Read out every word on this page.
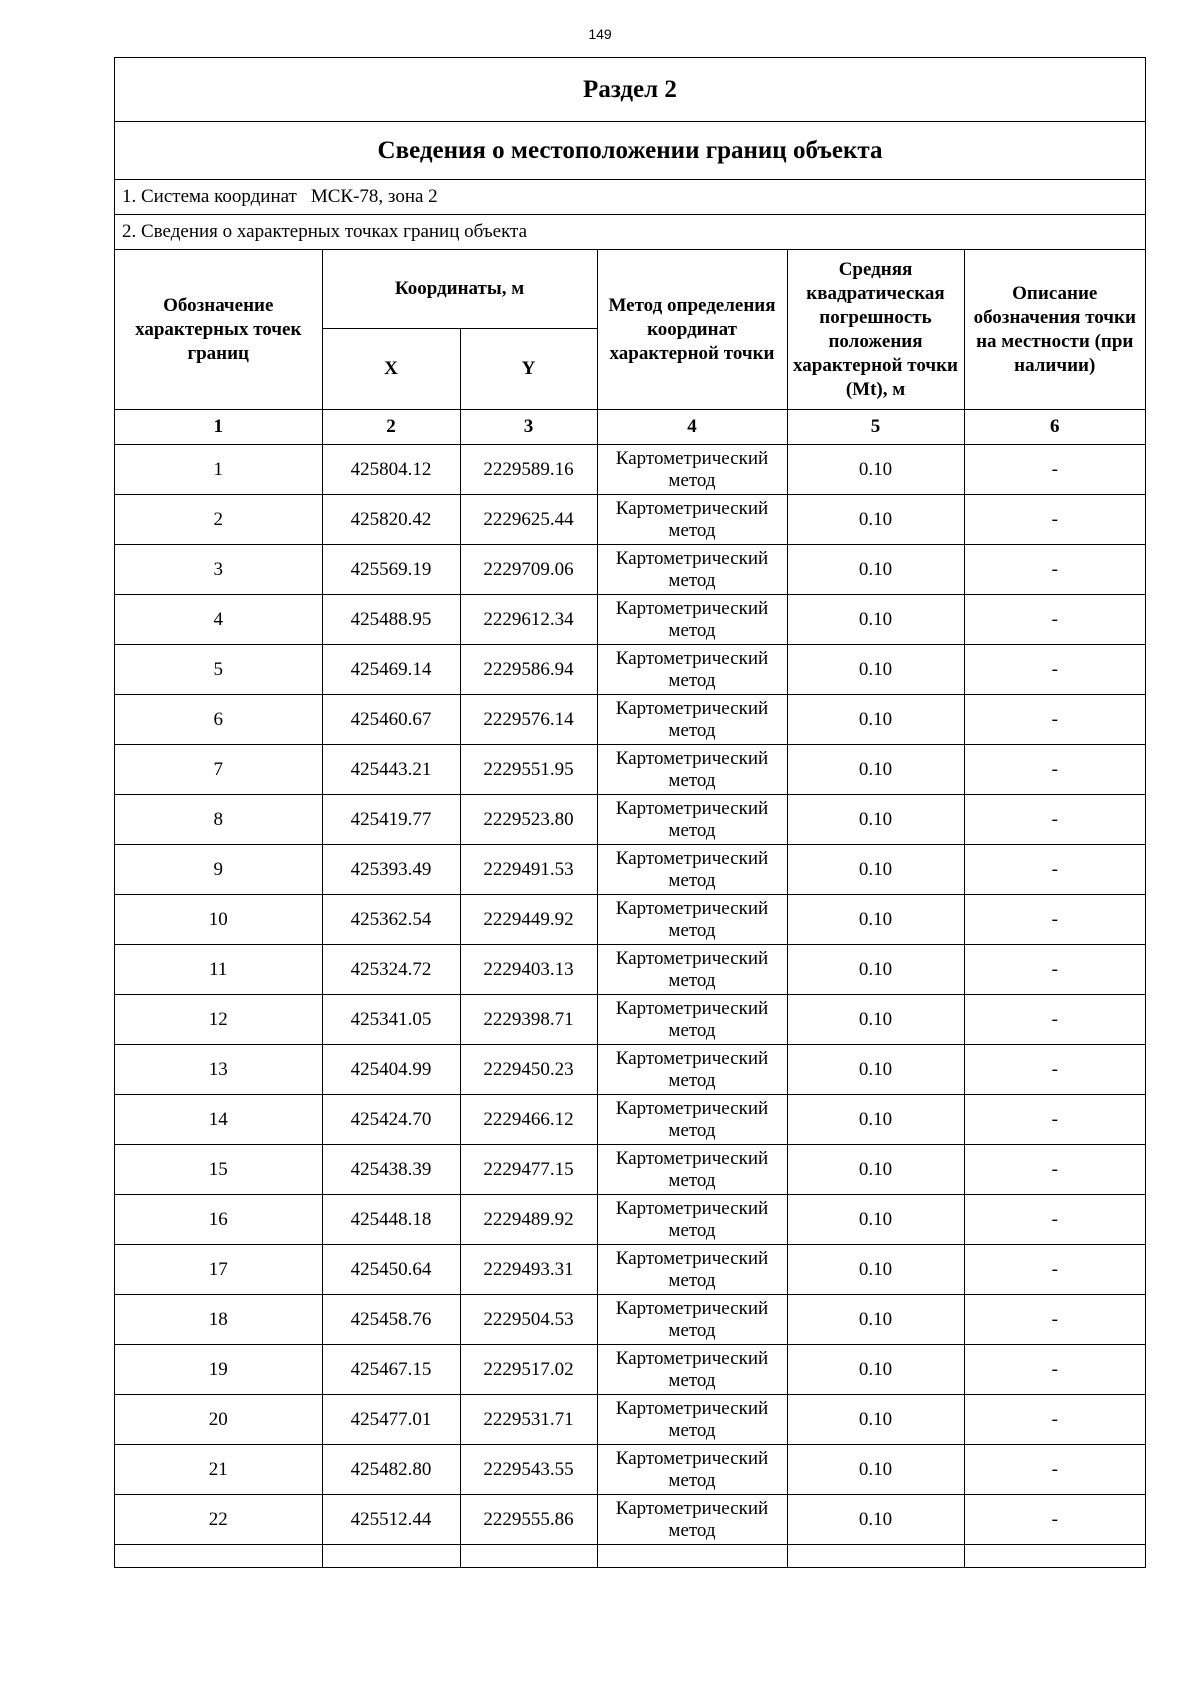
149
Раздел 2
Сведения о местоположении границ объекта
1. Система координат МСК-78, зона 2
2. Сведения о характерных точках границ объекта
Обозначение характерных точек границ	Координаты, м		Метод определения координат характерной точки	Средняя квадратическая погрешность положения характерной точки (Mt), м	Описание обозначения точки на местности (при наличии)
	X	Y			
1	2	3	4	5	6
1	425804.12	2229589.16	Картометрический метод	0.10	-
2	425820.42	2229625.44	Картометрический метод	0.10	-
3	425569.19	2229709.06	Картометрический метод	0.10	-
4	425488.95	2229612.34	Картометрический метод	0.10	-
5	425469.14	2229586.94	Картометрический метод	0.10	-
6	425460.67	2229576.14	Картометрический метод	0.10	-
7	425443.21	2229551.95	Картометрический метод	0.10	-
8	425419.77	2229523.80	Картометрический метод	0.10	-
9	425393.49	2229491.53	Картометрический метод	0.10	-
10	425362.54	2229449.92	Картометрический метод	0.10	-
11	425324.72	2229403.13	Картометрический метод	0.10	-
12	425341.05	2229398.71	Картометрический метод	0.10	-
13	425404.99	2229450.23	Картометрический метод	0.10	-
14	425424.70	2229466.12	Картометрический метод	0.10	-
15	425438.39	2229477.15	Картометрический метод	0.10	-
16	425448.18	2229489.92	Картометрический метод	0.10	-
17	425450.64	2229493.31	Картометрический метод	0.10	-
18	425458.76	2229504.53	Картометрический метод	0.10	-
19	425467.15	2229517.02	Картометрический метод	0.10	-
20	425477.01	2229531.71	Картометрический метод	0.10	-
21	425482.80	2229543.55	Картометрический метод	0.10	-
22	425512.44	2229555.86	Картометрический метод	0.10	-
